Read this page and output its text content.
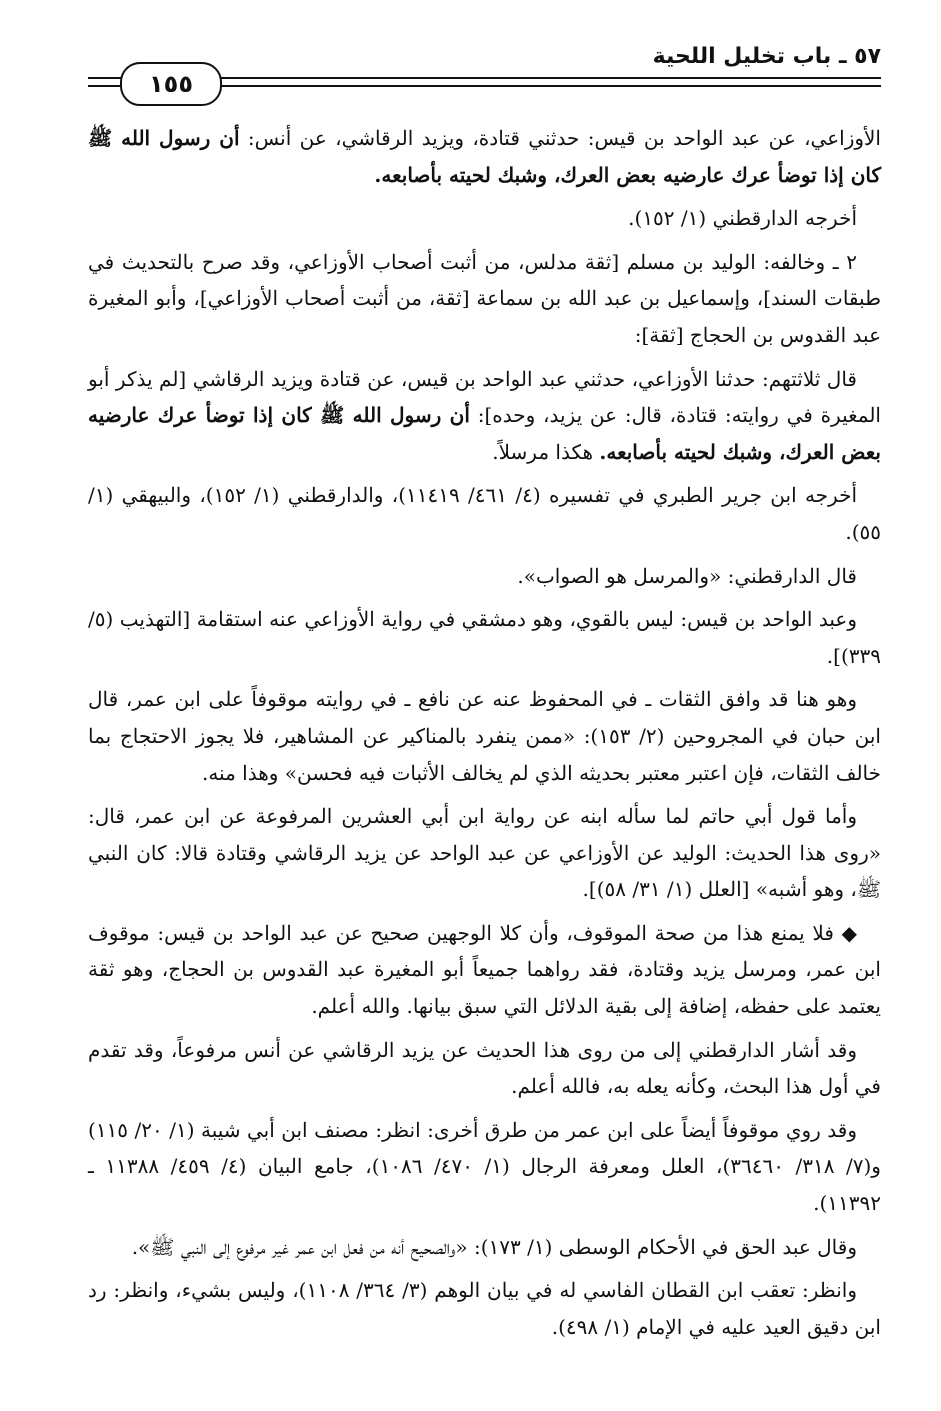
٥٧ ـ باب تخليل اللحية
١٥٥

الأوزاعي، عن عبد الواحد بن قيس: حدثني قتادة، ويزيد الرقاشي، عن أنس: أن رسول الله ﷺ كان إذا توضأ عرك عارضيه بعض العرك، وشبك لحيته بأصابعه.

أخرجه الدارقطني (١/ ١٥٢).

٢ ـ وخالفه: الوليد بن مسلم [ثقة مدلس، من أثبت أصحاب الأوزاعي، وقد صرح بالتحديث في طبقات السند]، وإسماعيل بن عبد الله بن سماعة [ثقة، من أثبت أصحاب الأوزاعي]، وأبو المغيرة عبد القدوس بن الحجاج [ثقة]:

قال ثلاثتهم: حدثنا الأوزاعي، حدثني عبد الواحد بن قيس، عن قتادة ويزيد الرقاشي [لم يذكر أبو المغيرة في روايته: قتادة، قال: عن يزيد، وحده]: أن رسول الله ﷺ كان إذا توضأ عرك عارضيه بعض العرك، وشبك لحيته بأصابعه. هكذا مرسلاً.

أخرجه ابن جرير الطبري في تفسيره (٤/ ٤٦١/ ١١٤١٩)، والدارقطني (١/ ١٥٢)، والبيهقي (١/ ٥٥).

قال الدارقطني: «والمرسل هو الصواب».

وعبد الواحد بن قيس: ليس بالقوي، وهو دمشقي في رواية الأوزاعي عنه استقامة [التهذيب (٥/ ٣٣٩)].

وهو هنا قد وافق الثقات ـ في المحفوظ عنه عن نافع ـ في روايته موقوفاً على ابن عمر، قال ابن حبان في المجروحين (٢/ ١٥٣): «ممن ينفرد بالمناكير عن المشاهير، فلا يجوز الاحتجاج بما خالف الثقات، فإن اعتبر معتبر بحديثه الذي لم يخالف الأثبات فيه فحسن» وهذا منه.

وأما قول أبي حاتم لما سأله ابنه عن رواية ابن أبي العشرين المرفوعة عن ابن عمر، قال: «روى هذا الحديث: الوليد عن الأوزاعي عن عبد الواحد عن يزيد الرقاشي وقتادة قالا: كان النبي ﷺ، وهو أشبه» [العلل (١/ ٣١/ ٥٨)].

◆ فلا يمنع هذا من صحة الموقوف، وأن كلا الوجهين صحيح عن عبد الواحد بن قيس: موقوف ابن عمر، ومرسل يزيد وقتادة، فقد رواهما جميعاً أبو المغيرة عبد القدوس بن الحجاج، وهو ثقة يعتمد على حفظه، إضافة إلى بقية الدلائل التي سبق بيانها. والله أعلم.

وقد أشار الدارقطني إلى من روى هذا الحديث عن يزيد الرقاشي عن أنس مرفوعاً، وقد تقدم في أول هذا البحث، وكأنه يعله به، فالله أعلم.

وقد روي موقوفاً أيضاً على ابن عمر من طرق أخرى: انظر: مصنف ابن أبي شيبة (١/ ٢٠/ ١١٥) و(٧/ ٣١٨/ ٣٦٤٦٠)، العلل ومعرفة الرجال (١/ ٤٧٠/ ١٠٨٦)، جامع البيان (٤/ ٤٥٩/ ١١٣٨٨ ـ ١١٣٩٢).

وقال عبد الحق في الأحكام الوسطى (١/ ١٧٣): «والصحيح أنه من فعل ابن عمر غير مرفوع إلى النبي ﷺ».

وانظر: تعقب ابن القطان الفاسي له في بيان الوهم (٣/ ٣٦٤/ ١١٠٨)، وليس بشيء، وانظر: رد ابن دقيق العيد عليه في الإمام (١/ ٤٩٨).
